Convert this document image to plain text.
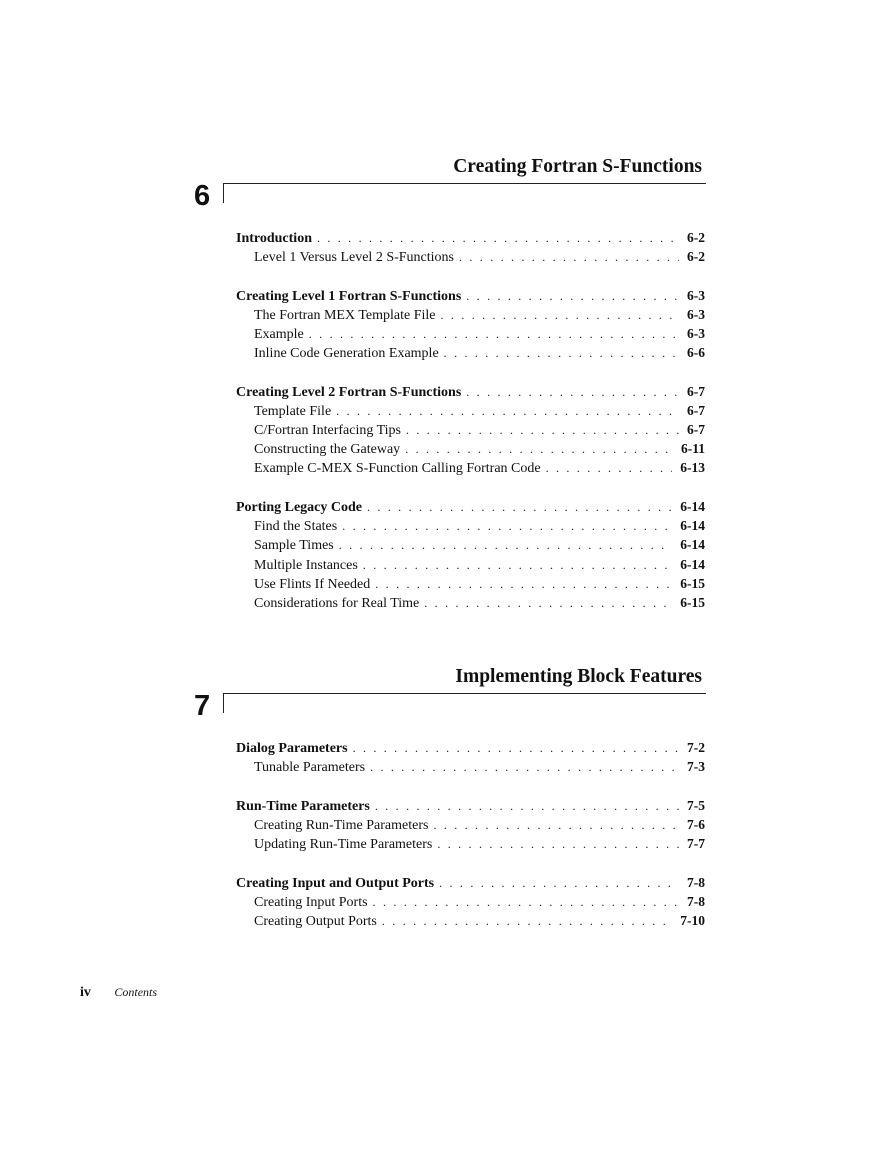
Creating Fortran S-Functions
6
Introduction . . .	6-2
Level 1 Versus Level 2 S-Functions . . .	6-2
Creating Level 1 Fortran S-Functions . . .	6-3
The Fortran MEX Template File . . .	6-3
Example . . .	6-3
Inline Code Generation Example . . .	6-6
Creating Level 2 Fortran S-Functions . . .	6-7
Template File . . .	6-7
C/Fortran Interfacing Tips . . .	6-7
Constructing the Gateway . . .	6-11
Example C-MEX S-Function Calling Fortran Code . . .	6-13
Porting Legacy Code . . .	6-14
Find the States . . .	6-14
Sample Times . . .	6-14
Multiple Instances . . .	6-14
Use Flints If Needed . . .	6-15
Considerations for Real Time . . .	6-15
Implementing Block Features
7
Dialog Parameters . . .	7-2
Tunable Parameters . . .	7-3
Run-Time Parameters . . .	7-5
Creating Run-Time Parameters . . .	7-6
Updating Run-Time Parameters . . .	7-7
Creating Input and Output Ports . . .	7-8
Creating Input Ports . . .	7-8
Creating Output Ports . . .	7-10
iv Contents
